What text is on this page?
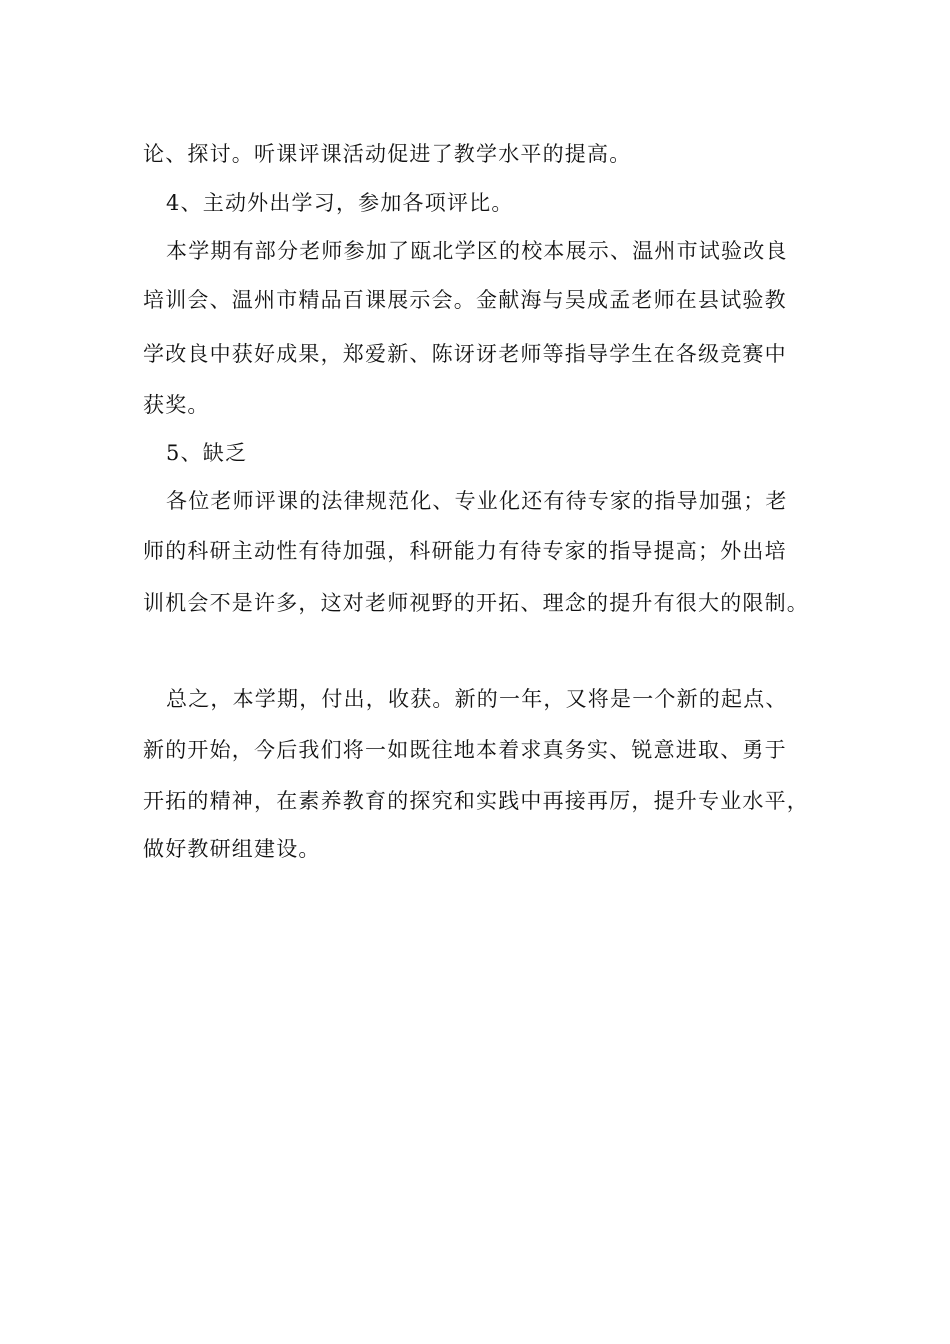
论、探讨。听课评课活动促进了教学水平的提高。
4、主动外出学习，参加各项评比。
本学期有部分老师参加了瓯北学区的校本展示、温州市试验改良
培训会、温州市精品百课展示会。金献海与吴成孟老师在县试验教
学改良中获好成果，郑爱新、陈讶讶老师等指导学生在各级竞赛中
获奖。
5、缺乏
各位老师评课的法律规范化、专业化还有待专家的指导加强；老
师的科研主动性有待加强，科研能力有待专家的指导提高；外出培
训机会不是许多，这对老师视野的开拓、理念的提升有很大的限制。
总之，本学期，付出，收获。新的一年，又将是一个新的起点、
新的开始，今后我们将一如既往地本着求真务实、锐意进取、勇于
开拓的精神，在素养教育的探究和实践中再接再厉，提升专业水平，
做好教研组建设。
